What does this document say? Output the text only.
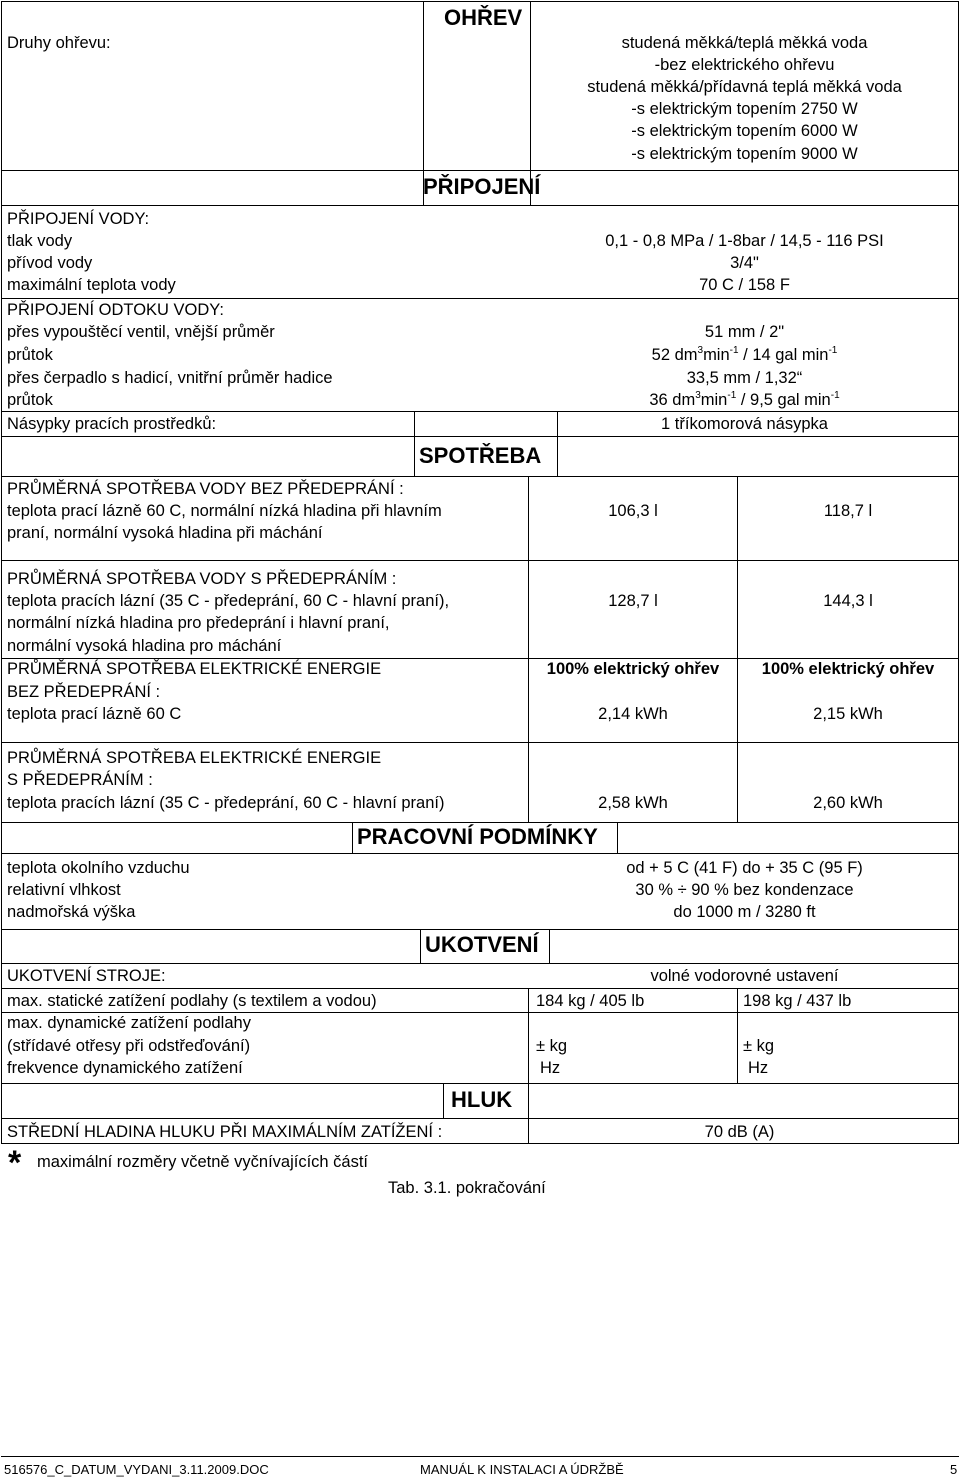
OHŘEV
Druhy ohřevu:	studená měkká/teplá měkká voda
-bez elektrického ohřevu
studená měkká/přídavná teplá měkká voda
-s elektrickým topením 2750 W
-s elektrickým topením 6000 W
-s elektrickým topením 9000 W
PŘIPOJENÍ
PŘIPOJENÍ VODY:
tlak vody	0,1 - 0,8 MPa / 1-8bar / 14,5 - 116 PSI
přívod vody	3/4"
maximální teplota vody	70 C / 158 F
PŘIPOJENÍ ODTOKU VODY:
přes vypouštěcí ventil, vnější průměr	51 mm / 2"
průtok	52 $dm^3\min^{-1} / 14$ gal $\min^{-1}$
přes čerpadlo s hadicí, vnitřní průměr hadice	33,5 mm / 1,32“
průtok	36 $dm^3\min^{-1} / 9,5$ gal $\min^{-1}$
Násypky pracích prostředků:	1 tříkomorová násypka
SPOTŘEBA
PRŮMĚRNÁ SPOTŘEBA VODY BEZ PŘEDEPRÁNÍ :
teplota prací lázně 60 C, normální nízká hladina při hlavním
praní, normální vysoká hladina při máchání
106,3 l	118,7 l
PRŮMĚRNÁ SPOTŘEBA VODY S PŘEDEPRÁNÍM :
teplota pracích lázní (35 C - předeprání, 60 C - hlavní praní),
normální nízká hladina pro předeprání i hlavní praní,
normální vysoká hladina pro máchání
128,7 l	144,3 l
PRŮMĚRNÁ SPOTŘEBA ELEKTRICKÉ ENERGIE
BEZ PŘEDEPRÁNÍ :
teplota prací lázně 60 C
100% elektrický ohřev	100% elektrický ohřev
2,14 kWh	2,15 kWh
PRŮMĚRNÁ SPOTŘEBA ELEKTRICKÉ ENERGIE
S PŘEDEPRÁNÍM :
teplota pracích lázní (35 C - předeprání, 60 C - hlavní praní)	2,58 kWh	2,60 kWh
PRACOVNÍ PODMÍNKY
teplota okolního vzduchu	od + 5 C (41 F) do + 35 C (95 F)
relativní vlhkost	30 % ÷ 90 % bez kondenzace
nadmořská výška	do 1000 m / 3280 ft
UKOTVENÍ
UKOTVENÍ STROJE:	volné vodorovné ustavení
max. statické zatížení podlahy (s textilem a vodou)	184 kg / 405 lb	198 kg / 437 lb
max. dynamické zatížení podlahy
(střídavé otřesy při odstřeďování)	± kg	± kg
frekvence dynamického zatížení	Hz	Hz
HLUK
STŘEDNÍ HLADINA HLUKU PŘI MAXIMÁLNÍM ZATÍŽENÍ :	70 dB (A)
* maximální rozměry včetně vyčnívajících částí
Tab. 3.1. pokračování
516576_C_DATUM_VYDANI_3.11.2009.DOC	MANUÁL K INSTALACI A ÚDRŽBĚ	5
